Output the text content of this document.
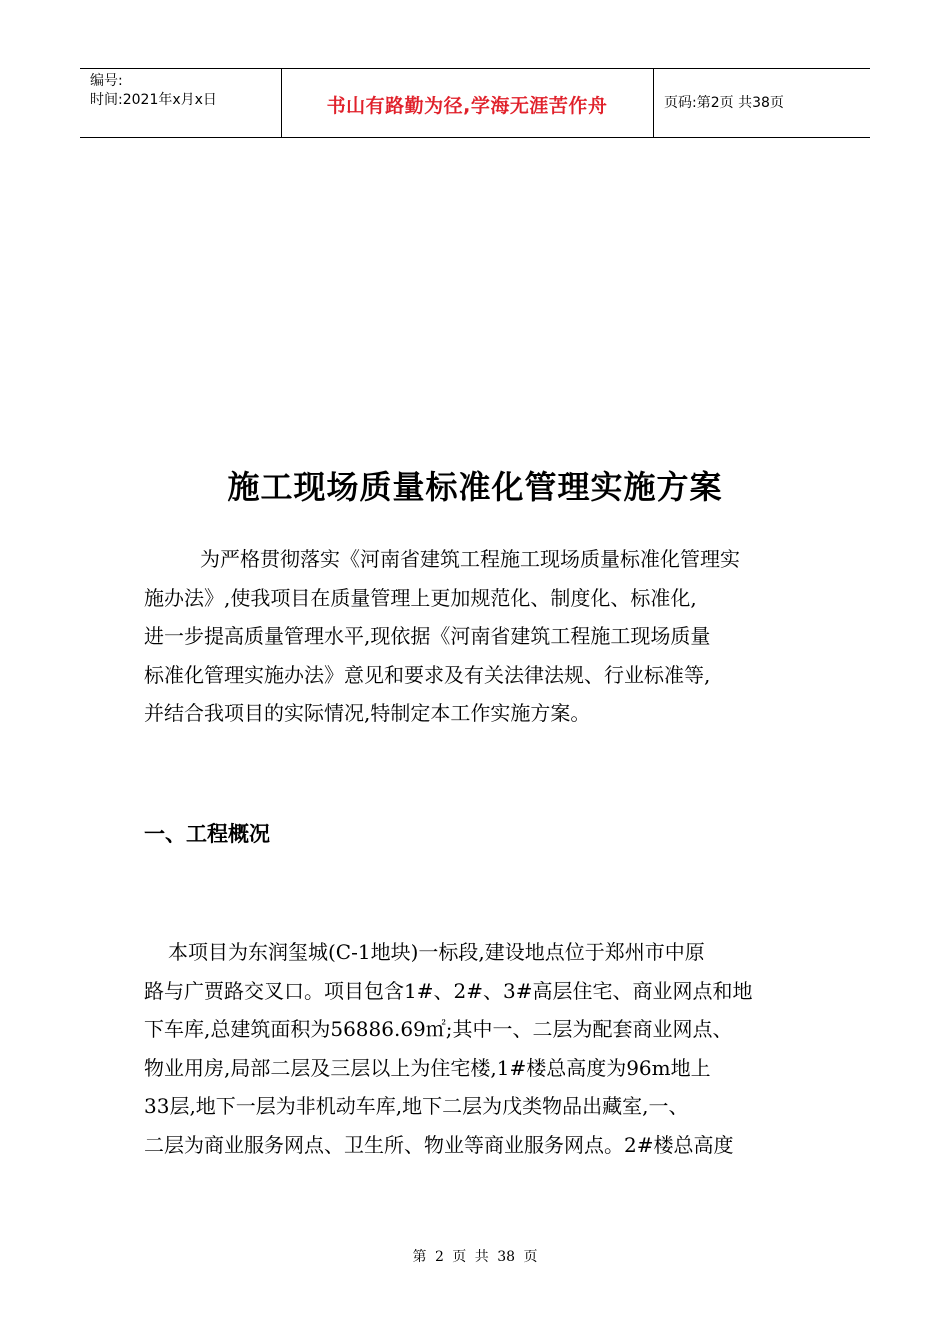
编号:
时间:2021年x月x日	书山有路勤为径,学海无涯苦作舟	页码:第2页 共38页
施工现场质量标准化管理实施方案
为严格贯彻落实《河南省建筑工程施工现场质量标准化管理实
施办法》,使我项目在质量管理上更加规范化、制度化、标准化,
进一步提高质量管理水平,现依据《河南省建筑工程施工现场质量
标准化管理实施办法》意见和要求及有关法律法规、行业标准等,
并结合我项目的实际情况,特制定本工作实施方案。
一、工程概况
本项目为东润玺城(C-1地块)一标段,建设地点位于郑州市中原
路与广贾路交叉口。项目包含1#、2#、3#高层住宅、商业网点和地
下车库,总建筑面积为56886.69㎡;其中一、二层为配套商业网点、
物业用房,局部二层及三层以上为住宅楼,1#楼总高度为96m地上
33层,地下一层为非机动车库,地下二层为戊类物品出藏室,一、
二层为商业服务网点、卫生所、物业等商业服务网点。2#楼总高度
第 2 页 共 38 页
